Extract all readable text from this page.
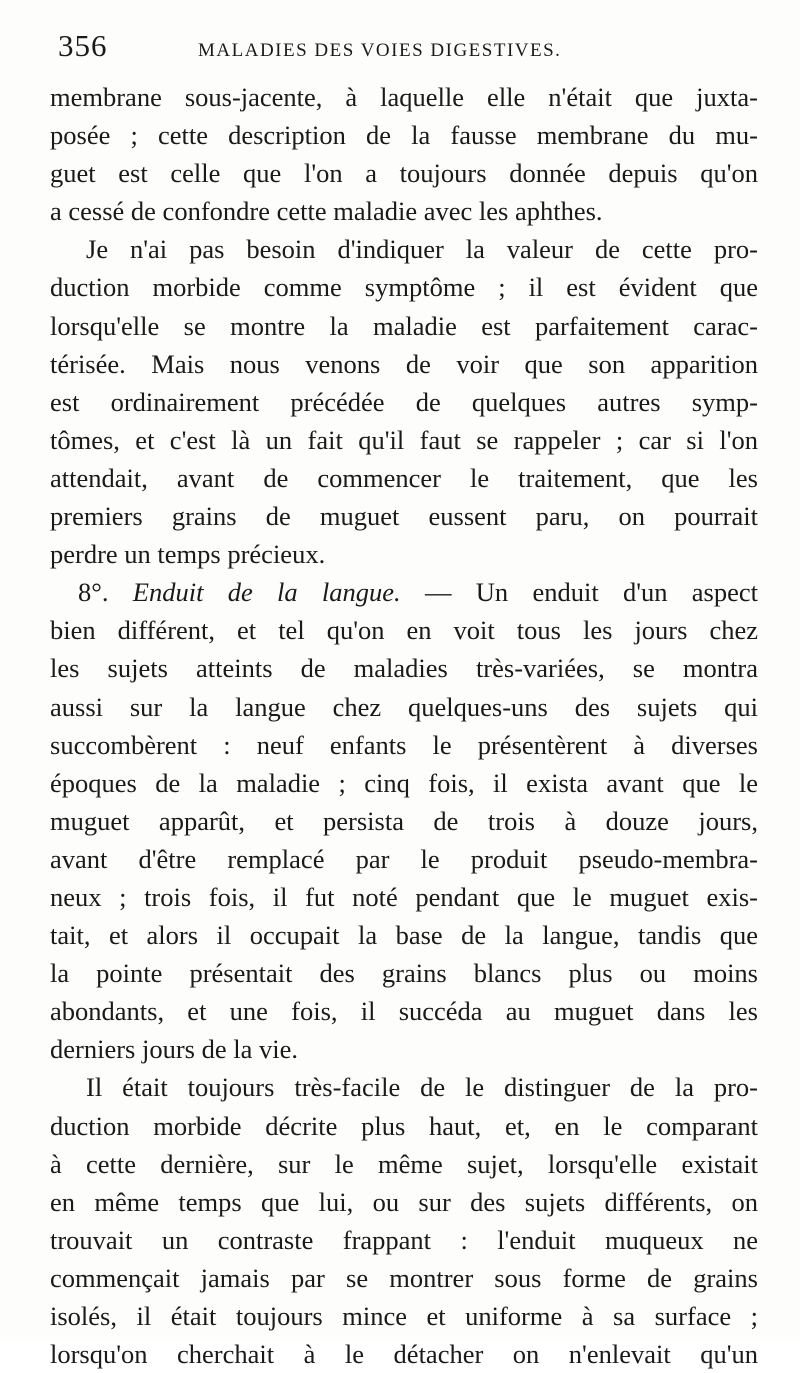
356	MALADIES DES VOIES DIGESTIVES.
membrane sous-jacente, à laquelle elle n'était que juxta-
posée ; cette description de la fausse membrane du mu-
guet est celle que l'on a toujours donnée depuis qu'on
a cessé de confondre cette maladie avec les aphthes.
Je n'ai pas besoin d'indiquer la valeur de cette pro-
duction morbide comme symptôme ; il est évident que
lorsqu'elle se montre la maladie est parfaitement carac-
térisée. Mais nous venons de voir que son apparition
est ordinairement précédée de quelques autres symp-
tômes, et c'est là un fait qu'il faut se rappeler ; car si l'on
attendait, avant de commencer le traitement, que les
premiers grains de muguet eussent paru, on pourrait
perdre un temps précieux.
8°. Enduit de la langue. — Un enduit d'un aspect
bien différent, et tel qu'on en voit tous les jours chez
les sujets atteints de maladies très-variées, se montra
aussi sur la langue chez quelques-uns des sujets qui
succombèrent : neuf enfants le présentèrent à diverses
époques de la maladie ; cinq fois, il exista avant que le
muguet apparût, et persista de trois à douze jours,
avant d'être remplacé par le produit pseudo-membra-
neux ; trois fois, il fut noté pendant que le muguet exis-
tait, et alors il occupait la base de la langue, tandis que
la pointe présentait des grains blancs plus ou moins
abondants, et une fois, il succéda au muguet dans les
derniers jours de la vie.
Il était toujours très-facile de le distinguer de la pro-
duction morbide décrite plus haut, et, en le comparant
à cette dernière, sur le même sujet, lorsqu'elle existait
en même temps que lui, ou sur des sujets différents, on
trouvait un contraste frappant : l'enduit muqueux ne
commençait jamais par se montrer sous forme de grains
isolés, il était toujours mince et uniforme à sa surface ;
lorsqu'on cherchait à le détacher on n'enlevait qu'un
